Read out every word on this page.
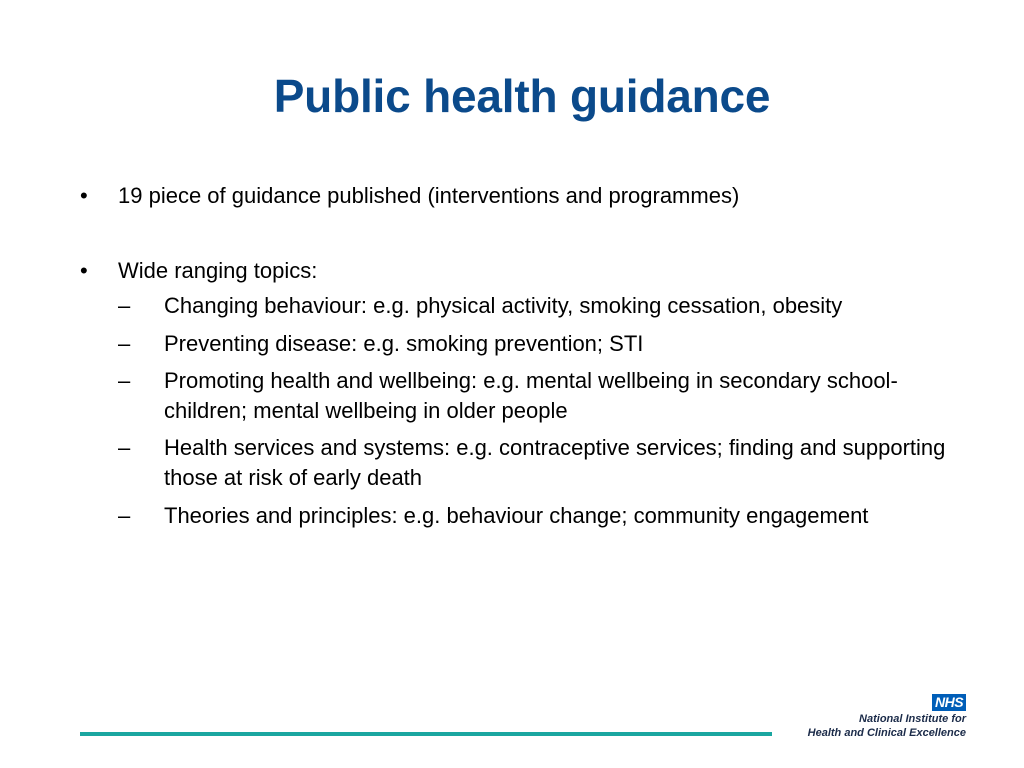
Public health guidance
•	19 piece of guidance published (interventions and programmes)
•	Wide ranging topics:
– Changing behaviour: e.g. physical activity, smoking cessation, obesity
– Preventing disease: e.g. smoking prevention; STI
– Promoting health and wellbeing: e.g. mental wellbeing in secondary school-children; mental wellbeing in older people
– Health services and systems: e.g. contraceptive services; finding and supporting those at risk of early death
– Theories and principles: e.g. behaviour change; community engagement
NHS
National Institute for
Health and Clinical Excellence
